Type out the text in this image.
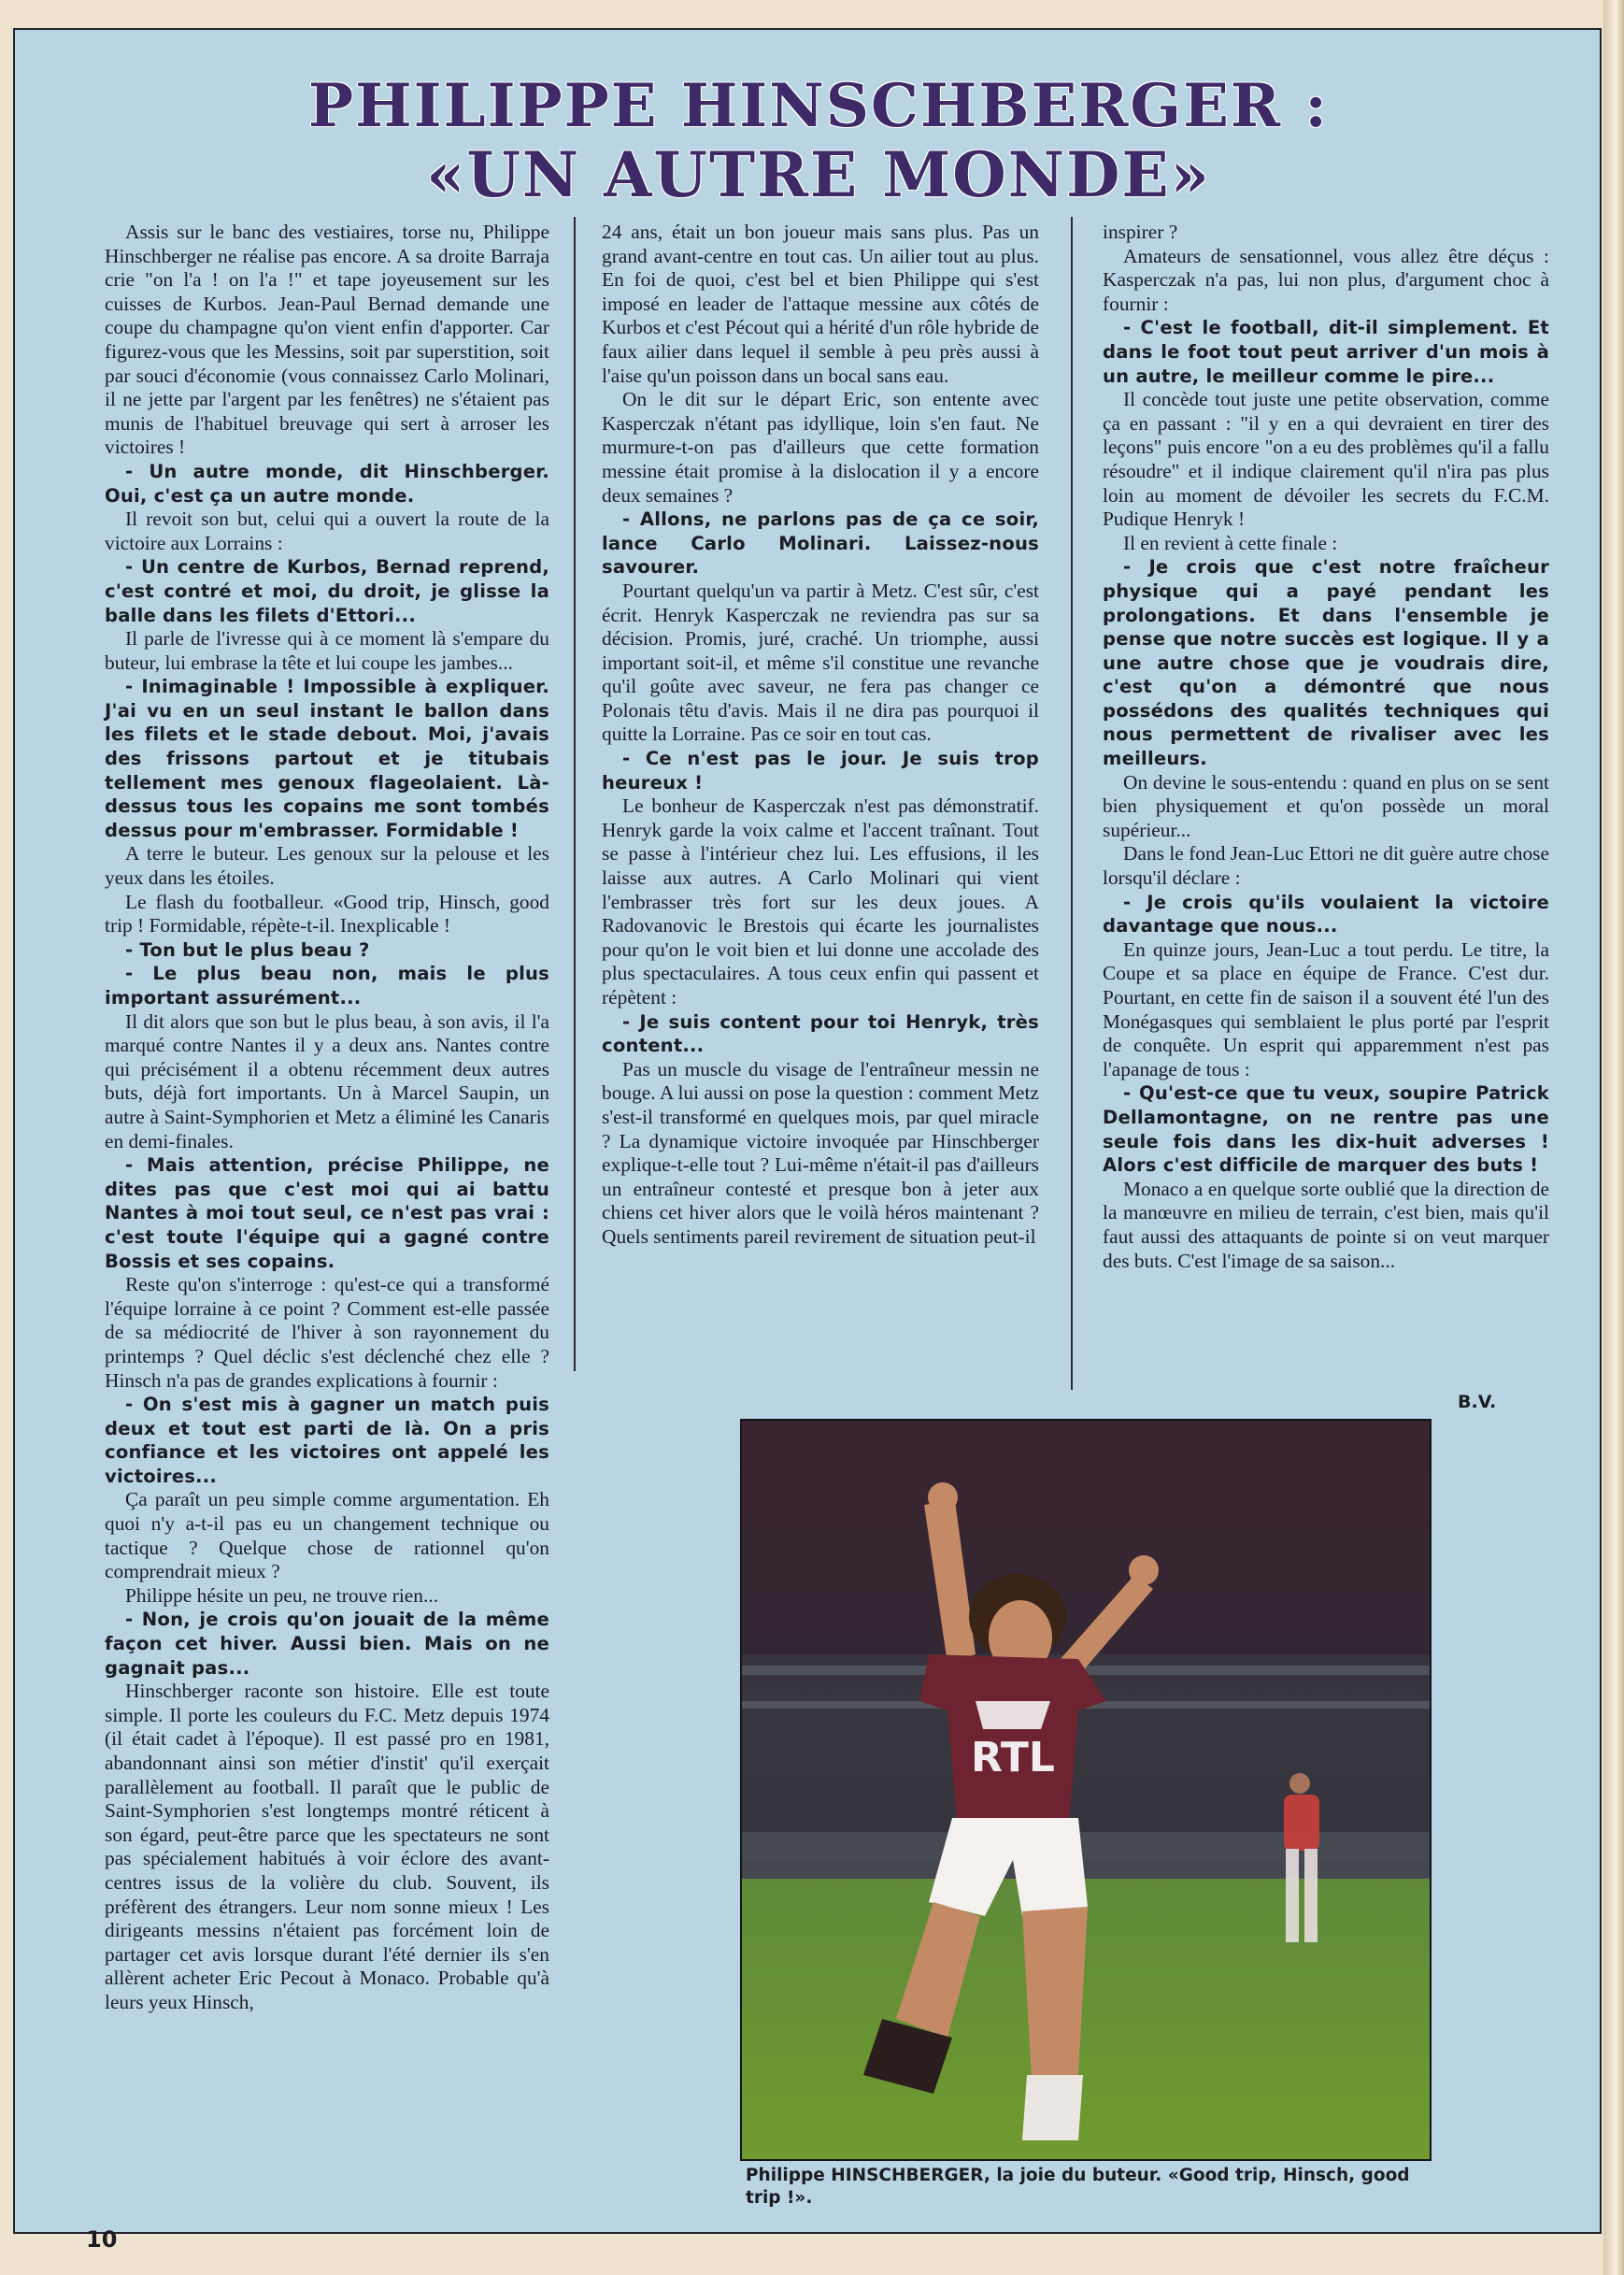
PHILIPPE HINSCHBERGER :
«UN AUTRE MONDE»

Assis sur le banc des vestiaires, torse nu, Philippe Hinschberger ne réalise pas encore. A sa droite Barraja crie "on l'a ! on l'a !" et tape joyeusement sur les cuisses de Kurbos. Jean-Paul Bernad demande une coupe du champagne qu'on vient enfin d'apporter. Car figurez-vous que les Messins, soit par superstition, soit par souci d'économie (vous connaissez Carlo Molinari, il ne jette par l'argent par les fenêtres) ne s'étaient pas munis de l'habituel breuvage qui sert à arroser les victoires !

- Un autre monde, dit Hinschberger. Oui, c'est ça un autre monde.

Il revoit son but, celui qui a ouvert la route de la victoire aux Lorrains :

- Un centre de Kurbos, Bernad reprend, c'est contré et moi, du droit, je glisse la balle dans les filets d'Ettori...

Il parle de l'ivresse qui à ce moment là s'empare du buteur, lui embrase la tête et lui coupe les jambes...

- Inimaginable ! Impossible à expliquer. J'ai vu en un seul instant le ballon dans les filets et le stade debout. Moi, j'avais des frissons partout et je titubais tellement mes genoux flageolaient. Là-dessus tous les copains me sont tombés dessus pour m'embrasser. Formidable !

A terre le buteur. Les genoux sur la pelouse et les yeux dans les étoiles.

Le flash du footballeur. «Good trip, Hinsch, good trip ! Formidable, répète-t-il. Inexplicable !

- Ton but le plus beau ?

- Le plus beau non, mais le plus important assurément...

Il dit alors que son but le plus beau, à son avis, il l'a marqué contre Nantes il y a deux ans. Nantes contre qui précisément il a obtenu récemment deux autres buts, déjà fort importants. Un à Marcel Saupin, un autre à Saint-Symphorien et Metz a éliminé les Canaris en demi-finales.

- Mais attention, précise Philippe, ne dites pas que c'est moi qui ai battu Nantes à moi tout seul, ce n'est pas vrai : c'est toute l'équipe qui a gagné contre Bossis et ses copains.

Reste qu'on s'interroge : qu'est-ce qui a transformé l'équipe lorraine à ce point ? Comment est-elle passée de sa médiocrité de l'hiver à son rayonnement du printemps ? Quel déclic s'est déclenché chez elle ? Hinsch n'a pas de grandes explications à fournir :

- On s'est mis à gagner un match puis deux et tout est parti de là. On a pris confiance et les victoires ont appelé les victoires...

Ça paraît un peu simple comme argumentation. Eh quoi n'y a-t-il pas eu un changement technique ou tactique ? Quelque chose de rationnel qu'on comprendrait mieux ?

Philippe hésite un peu, ne trouve rien...

- Non, je crois qu'on jouait de la même façon cet hiver. Aussi bien. Mais on ne gagnait pas...

Hinschberger raconte son histoire. Elle est toute simple. Il porte les couleurs du F.C. Metz depuis 1974 (il était cadet à l'époque). Il est passé pro en 1981, abandonnant ainsi son métier d'instit' qu'il exerçait parallèlement au football. Il paraît que le public de Saint-Symphorien s'est longtemps montré réticent à son égard, peut-être parce que les spectateurs ne sont pas spécialement habitués à voir éclore des avant-centres issus de la volière du club. Souvent, ils préfèrent des étrangers. Leur nom sonne mieux ! Les dirigeants messins n'étaient pas forcément loin de partager cet avis lorsque durant l'été dernier ils s'en allèrent acheter Eric Pecout à Monaco. Probable qu'à leurs yeux Hinsch,

24 ans, était un bon joueur mais sans plus. Pas un grand avant-centre en tout cas. Un ailier tout au plus. En foi de quoi, c'est bel et bien Philippe qui s'est imposé en leader de l'attaque messine aux côtés de Kurbos et c'est Pécout qui a hérité d'un rôle hybride de faux ailier dans lequel il semble à peu près aussi à l'aise qu'un poisson dans un bocal sans eau.

On le dit sur le départ Eric, son entente avec Kasperczak n'étant pas idyllique, loin s'en faut. Ne murmure-t-on pas d'ailleurs que cette formation messine était promise à la dislocation il y a encore deux semaines ?

- Allons, ne parlons pas de ça ce soir, lance Carlo Molinari. Laissez-nous savourer.

Pourtant quelqu'un va partir à Metz. C'est sûr, c'est écrit. Henryk Kasperczak ne reviendra pas sur sa décision. Promis, juré, craché. Un triomphe, aussi important soit-il, et même s'il constitue une revanche qu'il goûte avec saveur, ne fera pas changer ce Polonais têtu d'avis. Mais il ne dira pas pourquoi il quitte la Lorraine. Pas ce soir en tout cas.

- Ce n'est pas le jour. Je suis trop heureux !

Le bonheur de Kasperczak n'est pas démonstratif. Henryk garde la voix calme et l'accent traînant. Tout se passe à l'intérieur chez lui. Les effusions, il les laisse aux autres. A Carlo Molinari qui vient l'embrasser très fort sur les deux joues. A Radovanovic le Brestois qui écarte les journalistes pour qu'on le voit bien et lui donne une accolade des plus spectaculaires. A tous ceux enfin qui passent et répètent :

- Je suis content pour toi Henryk, très content...

Pas un muscle du visage de l'entraîneur messin ne bouge. A lui aussi on pose la question : comment Metz s'est-il transformé en quelques mois, par quel miracle ? La dynamique victoire invoquée par Hinschberger explique-t-elle tout ? Lui-même n'était-il pas d'ailleurs un entraîneur contesté et presque bon à jeter aux chiens cet hiver alors que le voilà héros maintenant ? Quels sentiments pareil revirement de situation peut-il

inspirer ?

Amateurs de sensationnel, vous allez être déçus : Kasperczak n'a pas, lui non plus, d'argument choc à fournir :

- C'est le football, dit-il simplement. Et dans le foot tout peut arriver d'un mois à un autre, le meilleur comme le pire...

Il concède tout juste une petite observation, comme ça en passant : "il y en a qui devraient en tirer des leçons" puis encore "on a eu des problèmes qu'il a fallu résoudre" et il indique clairement qu'il n'ira pas plus loin au moment de dévoiler les secrets du F.C.M. Pudique Henryk !

Il en revient à cette finale :

- Je crois que c'est notre fraîcheur physique qui a payé pendant les prolongations. Et dans l'ensemble je pense que notre succès est logique. Il y a une autre chose que je voudrais dire, c'est qu'on a démontré que nous possédons des qualités techniques qui nous permettent de rivaliser avec les meilleurs.

On devine le sous-entendu : quand en plus on se sent bien physiquement et qu'on possède un moral supérieur...

Dans le fond Jean-Luc Ettori ne dit guère autre chose lorsqu'il déclare :

- Je crois qu'ils voulaient la victoire davantage que nous...

En quinze jours, Jean-Luc a tout perdu. Le titre, la Coupe et sa place en équipe de France. C'est dur. Pourtant, en cette fin de saison il a souvent été l'un des Monégasques qui semblaient le plus porté par l'esprit de conquête. Un esprit qui apparemment n'est pas l'apanage de tous :

- Qu'est-ce que tu veux, soupire Patrick Dellamontagne, on ne rentre pas une seule fois dans les dix-huit adverses ! Alors c'est difficile de marquer des buts !

Monaco a en quelque sorte oublié que la direction de la manœuvre en milieu de terrain, c'est bien, mais qu'il faut aussi des attaquants de pointe si on veut marquer des buts. C'est l'image de sa saison...

B.V.
RTL
Philippe HINSCHBERGER, la joie du buteur. «Good trip, Hinsch, good trip !».
10
